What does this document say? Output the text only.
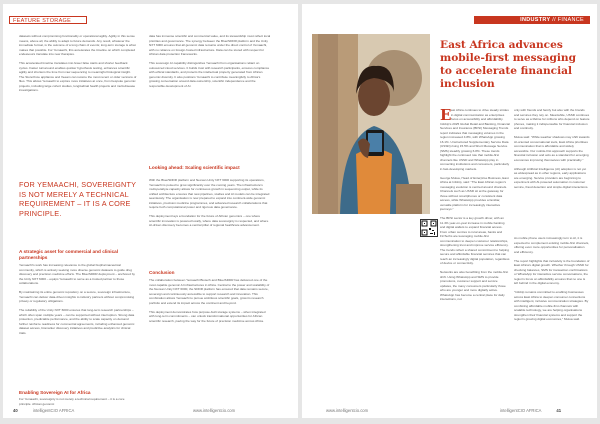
FEATURE STORAGE
datasets without compromising functionality or operational agility. Agility in this sense means, above all, the ability to adapt to future demands. Any result, whatever the immediate format, is the outcome of a long chain of events; long-term storage is what makes that possible. For Yemaachi, this accelerates the timeline on which completed endeavours translate into new therapies.

This accelerated timeline translates into fewer false starts and shorter feedback cycles. Faster turnaround enables quicker hypothesis testing, enhances scientific agility and shortens the time from raw sequencing to meaningful biological insight. The StoreOnce appliance and Veeam can restore the most recent or older versions of files. This allows Yemaachi to explore more initiatives at once, from bespoke genomic projects, including large cohort studies, longitudinal health projects and multi-disease investigations.
FOR YEMAACHI, SOVEREIGNTY IS NOT MERELY A TECHNICAL REQUIREMENT – IT IS A CORE PRINCIPLE.
A strategic asset for commercial and clinical partnerships
Yemaachi's work has increasing relevance to the global biopharmaceutical community, which is actively seeking more diverse genomic datasets to guide drug discovery and precision medicine efforts. The Blue/SDDR deployment – anchored by the Unity NXT 6000 – equips Yemaachi to serve as a trusted partner to those collaborations.

By maintaining its entire genomic repository on a secure, sovereign infrastructure, Yemaachi can deliver data-driven insights to industry partners without compromising privacy or regulatory obligations.

The reliability of the Unity NXT 6000 ensures that long-term research partnerships – which often span multiple years – can be supported without interruption. Strong data protection, predictable performance, and the ability to scale capacity on demand further reinforce readiness for commercial agreements, including enhanced genomic dataset access, biomarker discovery initiatives and predictive analytics for clinical trials.
Enabling Sovereign AI for Africa
For Yemaachi, sovereignty is not merely a technical requirement – it is a core principle. African genomic
data has immense scientific and commercial value, and its stewardship must reflect local priorities and governance. The synergy between the Blue/SDDR platform and the Unity NXT 6000 ensures that all genomic data remains under the direct control of Yemaachi, with no reliance on foreign-hosted infrastructure. Data can be stored with respect for African data protection frameworks.

This sovereign AI capability distinguishes Yemaachi from organisations reliant on outsourced cloud services. It builds trust with research participants, ensures compliance with ethical standards, and protects the intellectual property generated from African genomic diversity. It also positions Yemaachi to contribute meaningfully to Africa's growing conversation around data ownership, scientific independence and the responsible development of AI.
Looking ahead: Scaling scientific impact
With the Blue/SDDR platform and Nexsan Unity NXT 6000 supporting its operations, Yemaachi is poised to grow significantly over the coming years. The infrastructure's multi-petabyte capacity allows for continuous growth in sequencing output, while its unified architecture ensures that new pipelines, studies and AI models can be integrated seamlessly. The organisation is now prepared to expand into continent-wide genomic initiatives, precision medicine programmes, and advanced research collaborations that require both computational power and rigorous data governance.

This deployment lays a foundation for the future of African genomics – one where scientific innovation is powered locally, where data sovereignty is respected, and where AI-driven discovery becomes a central pillar of regional healthcare advancement.
Conclusion
The collaboration between Yemaachi Biotech and Blue/SDDR has delivered one of the most capable genomic AI infrastructures in Africa. Central to the power and scalability of the Nexsan Unity NXT 6000, the SDDR platform has ensured that data remains secure, sovereign and continuously accessible to support research and innovation. This combination allows Yemaachi to pursue ambitious scientific goals, grow its research portfolio and extend its impact across the continent and beyond.

This deployment demonstrates how purpose-built storage systems – when integrated with long-term commitments – can unlock transformational opportunities for African scientific research, paving the way for the future of precision medicine across Africa.
40	intelligentCIO AFRICA	www.intelligentcio.com
INDUSTRY // FINANCE
East Africa advances mobile-first messaging to accelerate financial inclusion
E ast Africa continues to drive steady strides in digital communication as enterprises focus on accessibility and affordability. Infobip's 2025 Global Retail and Banking, Financial Services and Insurance (BFSI) Messaging Trends report indicates that messaging volumes in the region increased 4.8%, with WhatsApp growing 16.1%. Unstructured Supplementary Service Data (USSD) rising 15.5% and Short Message Service (SMS) steadily growing 6.8%. These trends highlight the continued role that mobile-first channels like USSD and WhatsApp play in connecting institutions and consumers, particularly in fast-developing markets.

George Mutua, Head of Enterprise Business, East Africa at Infobip, said: "The East African region's messaging evolution is centred around channels. Channels such as USSD sit at the gateway for those without smartphones or consistent data access, while WhatsApp provides a familiar, versatile platform for increasingly interactive journeys."

The BFSI sector is a key growth driver, with an 11.4% year-on-year increase in mobile banking and digital wallets to expand financial access. From urban centres to rural areas, banks and FinTechs are leveraging mobile-first communication to deepen customer relationships, strengthening trust and improve service efficiency. The trends reflect a shared commitment to helping secure and affordable financial services that can reach an increasingly digital population, regardless of device or connectivity.

Networks are also benefitting from the mobile-first shift. Using WhatsApp and SMS to provide promotions, customer support and service updates, the many consumers particularly those who are younger and more digitally active. WhatsApp has become a central place for daily interactions, not
As mobile phone users increasingly turn to AI, it is expected to complement existing mobile-first channels, offering even more opportunities for personalisation and efficiency.

The report highlights that inclusivity is the foundation of East Africa's digital growth. Whether through USSD for checking balances, SMS for transaction confirmations or WhatsApp for interactive service conversations, the region's focus on affordability ensures that no one is left behind in the digital economy.

"Infobip remains committed to enabling businesses across East Africa to deepen consumer connections with intelligent, inclusive communication strategies. By combining affordable mobile-first channels with scalable technology, we are helping organisations strengthen their financial systems and support the region's growing digital economies," Mutua said.
www.intelligentcio.com	intelligentCIO AFRICA	41
only with friends and family but also with the brands and services they rely on. Meanwhile, USSD continues to serve as a lifeline for millions who depend on feature phones, making it indispensable for financial inclusion and continuity.

Mutua said: "While weather shadows may shift towards AI-oriented conversational tools, East Africa prioritises communication that is affordable and widely accessible. Our mobile-first approach supports the financial inclusion and acts as a standard for emerging economies improving themselves with practicality."

Although Artificial Intelligence (AI) adoption is not yet as widespread as in other regions, early applications are emerging. Service providers are beginning to experiment with AI-powered automation in customer service, fraud detection and simple digital interactions.
